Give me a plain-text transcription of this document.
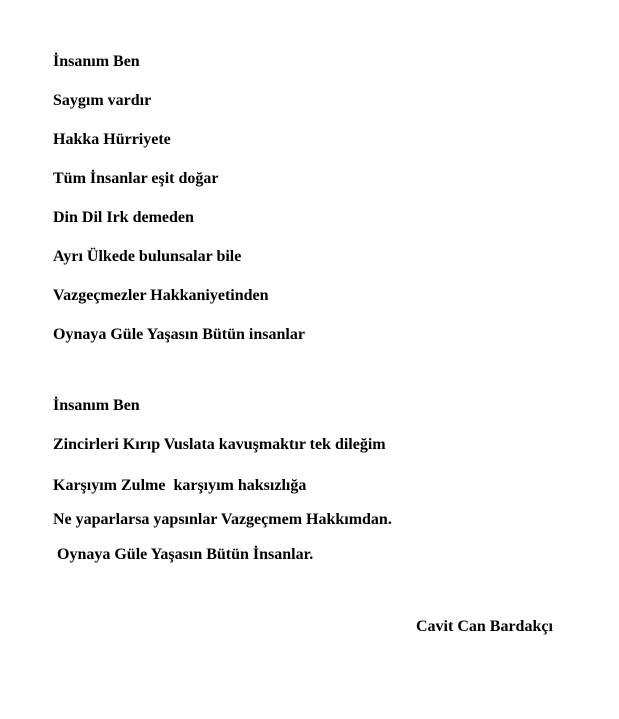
İnsanım Ben
Saygım vardır
Hakka Hürriyete
Tüm İnsanlar eşit doğar
Din Dil Irk demeden
Ayrı Ülkede bulunsalar bile
Vazgeçmezler Hakkaniyetinden
Oynaya Güle Yaşasın Bütün insanlar
İnsanım Ben
Zincirleri Kırıp Vuslata kavuşmaktır tek dileğim
Karşıyım Zulme  karşıyım haksızlığa
Ne yaparlarsa yapsınlar Vazgeçmem Hakkımdan.
Oynaya Güle Yaşasın Bütün İnsanlar.
Cavit Can Bardakçı
